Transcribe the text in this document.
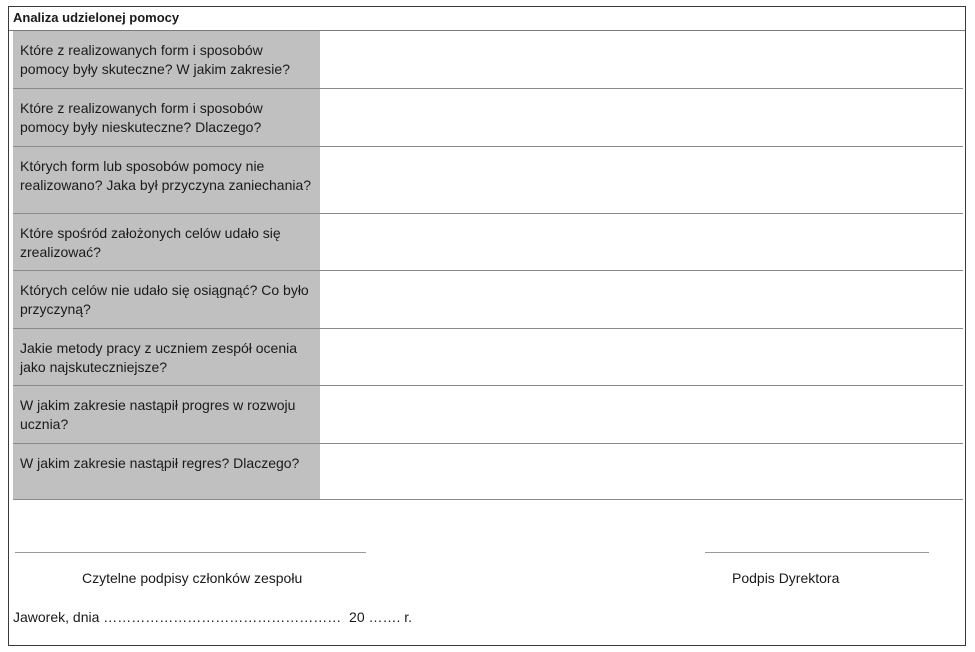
Analiza udzielonej pomocy
Które z realizowanych form i sposobów pomocy były skuteczne? W jakim zakresie?	
Które z realizowanych form i sposobów pomocy były nieskuteczne? Dlaczego?	
Których form lub sposobów pomocy nie realizowano? Jaka był przyczyna zaniechania?	
Które spośród założonych celów udało się zrealizować?	
Których celów nie udało się osiągnąć? Co było przyczyną?	
Jakie metody pracy z uczniem zespół ocenia jako najskuteczniejsze?	
W jakim zakresie nastąpił progres w rozwoju ucznia?	
W jakim zakresie nastąpił regres? Dlaczego?	
Czytelne podpisy członków zespołu	Podpis Dyrektora
Jaworek, dnia ……………………………………………  20 ……. r.
